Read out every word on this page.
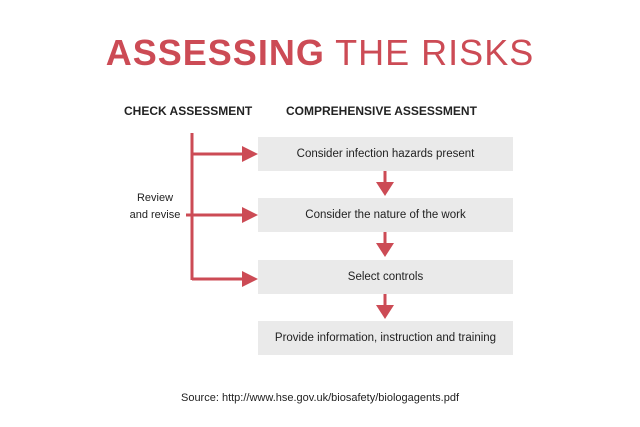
ASSESSING THE RISKS
CHECK ASSESSMENT	COMPREHENSIVE ASSESSMENT
Review
and revise
Consider infection hazards present
Consider the nature of the work
Select controls
Provide information, instruction and training
Source: http://www.hse.gov.uk/biosafety/biologagents.pdf
